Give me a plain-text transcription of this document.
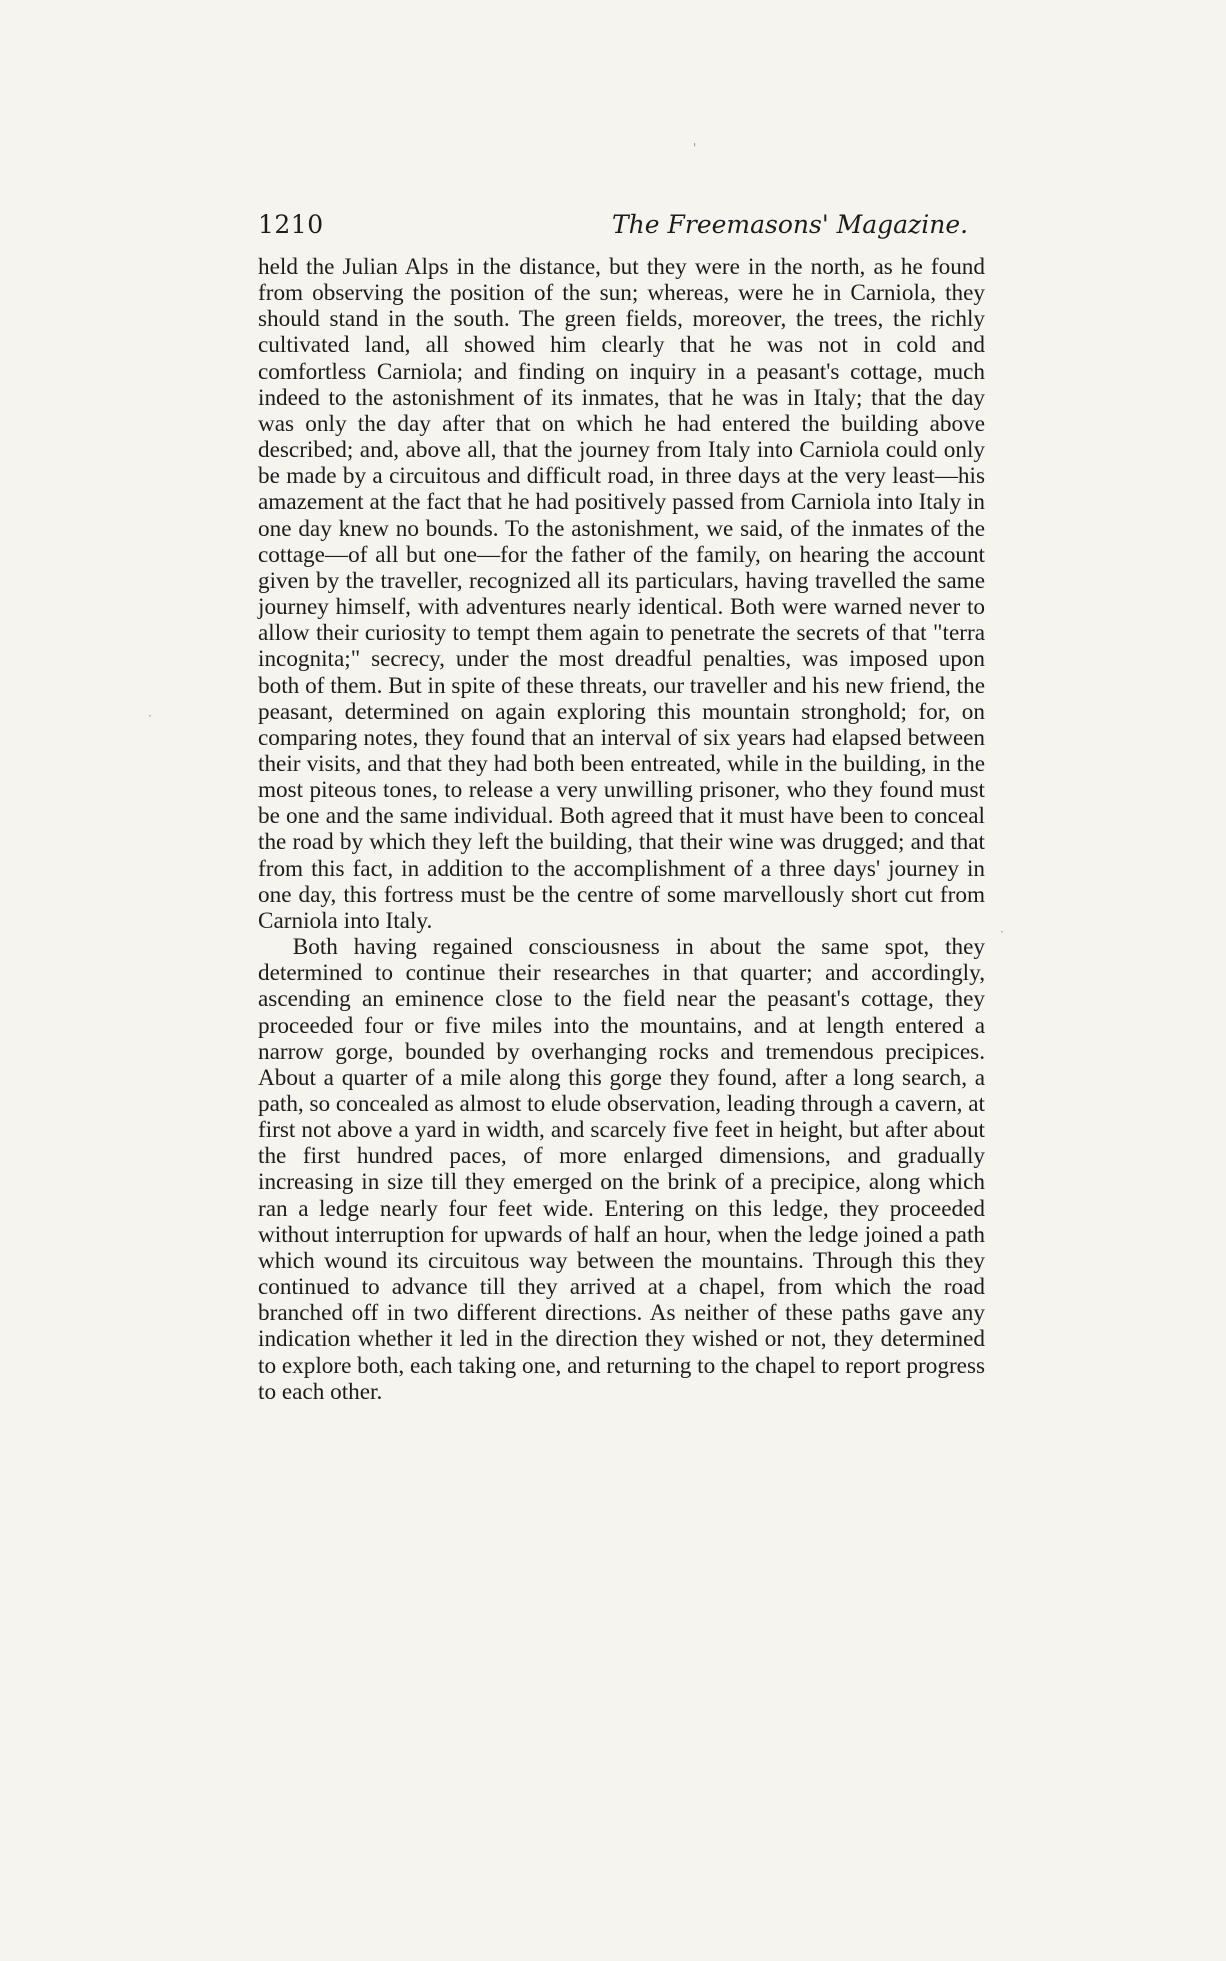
1210	The Freemasons' Magazine.

held the Julian Alps in the distance, but they were in the north, as he found from observing the position of the sun; whereas, were he in Carniola, they should stand in the south. The green fields, moreover, the trees, the richly cultivated land, all showed him clearly that he was not in cold and comfortless Carniola; and finding on inquiry in a peasant's cottage, much indeed to the astonishment of its inmates, that he was in Italy; that the day was only the day after that on which he had entered the building above described; and, above all, that the journey from Italy into Carniola could only be made by a circuitous and difficult road, in three days at the very least—his amazement at the fact that he had positively passed from Carniola into Italy in one day knew no bounds. To the astonishment, we said, of the inmates of the cottage—of all but one—for the father of the family, on hearing the account given by the traveller, recognized all its particulars, having travelled the same journey himself, with adventures nearly identical. Both were warned never to allow their curiosity to tempt them again to penetrate the secrets of that "terra incognita;" secrecy, under the most dreadful penalties, was imposed upon both of them. But in spite of these threats, our traveller and his new friend, the peasant, determined on again exploring this mountain stronghold; for, on comparing notes, they found that an interval of six years had elapsed between their visits, and that they had both been entreated, while in the building, in the most piteous tones, to release a very unwilling prisoner, who they found must be one and the same individual. Both agreed that it must have been to conceal the road by which they left the building, that their wine was drugged; and that from this fact, in addition to the accomplishment of a three days' journey in one day, this fortress must be the centre of some marvellously short cut from Carniola into Italy.

Both having regained consciousness in about the same spot, they determined to continue their researches in that quarter; and accordingly, ascending an eminence close to the field near the peasant's cottage, they proceeded four or five miles into the mountains, and at length entered a narrow gorge, bounded by overhanging rocks and tremendous precipices. About a quarter of a mile along this gorge they found, after a long search, a path, so concealed as almost to elude observation, leading through a cavern, at first not above a yard in width, and scarcely five feet in height, but after about the first hundred paces, of more enlarged dimensions, and gradually increasing in size till they emerged on the brink of a precipice, along which ran a ledge nearly four feet wide. Entering on this ledge, they proceeded without interruption for upwards of half an hour, when the ledge joined a path which wound its circuitous way between the mountains. Through this they continued to advance till they arrived at a chapel, from which the road branched off in two different directions. As neither of these paths gave any indication whether it led in the direction they wished or not, they determined to explore both, each taking one, and returning to the chapel to report progress to each other.

'
·
·
